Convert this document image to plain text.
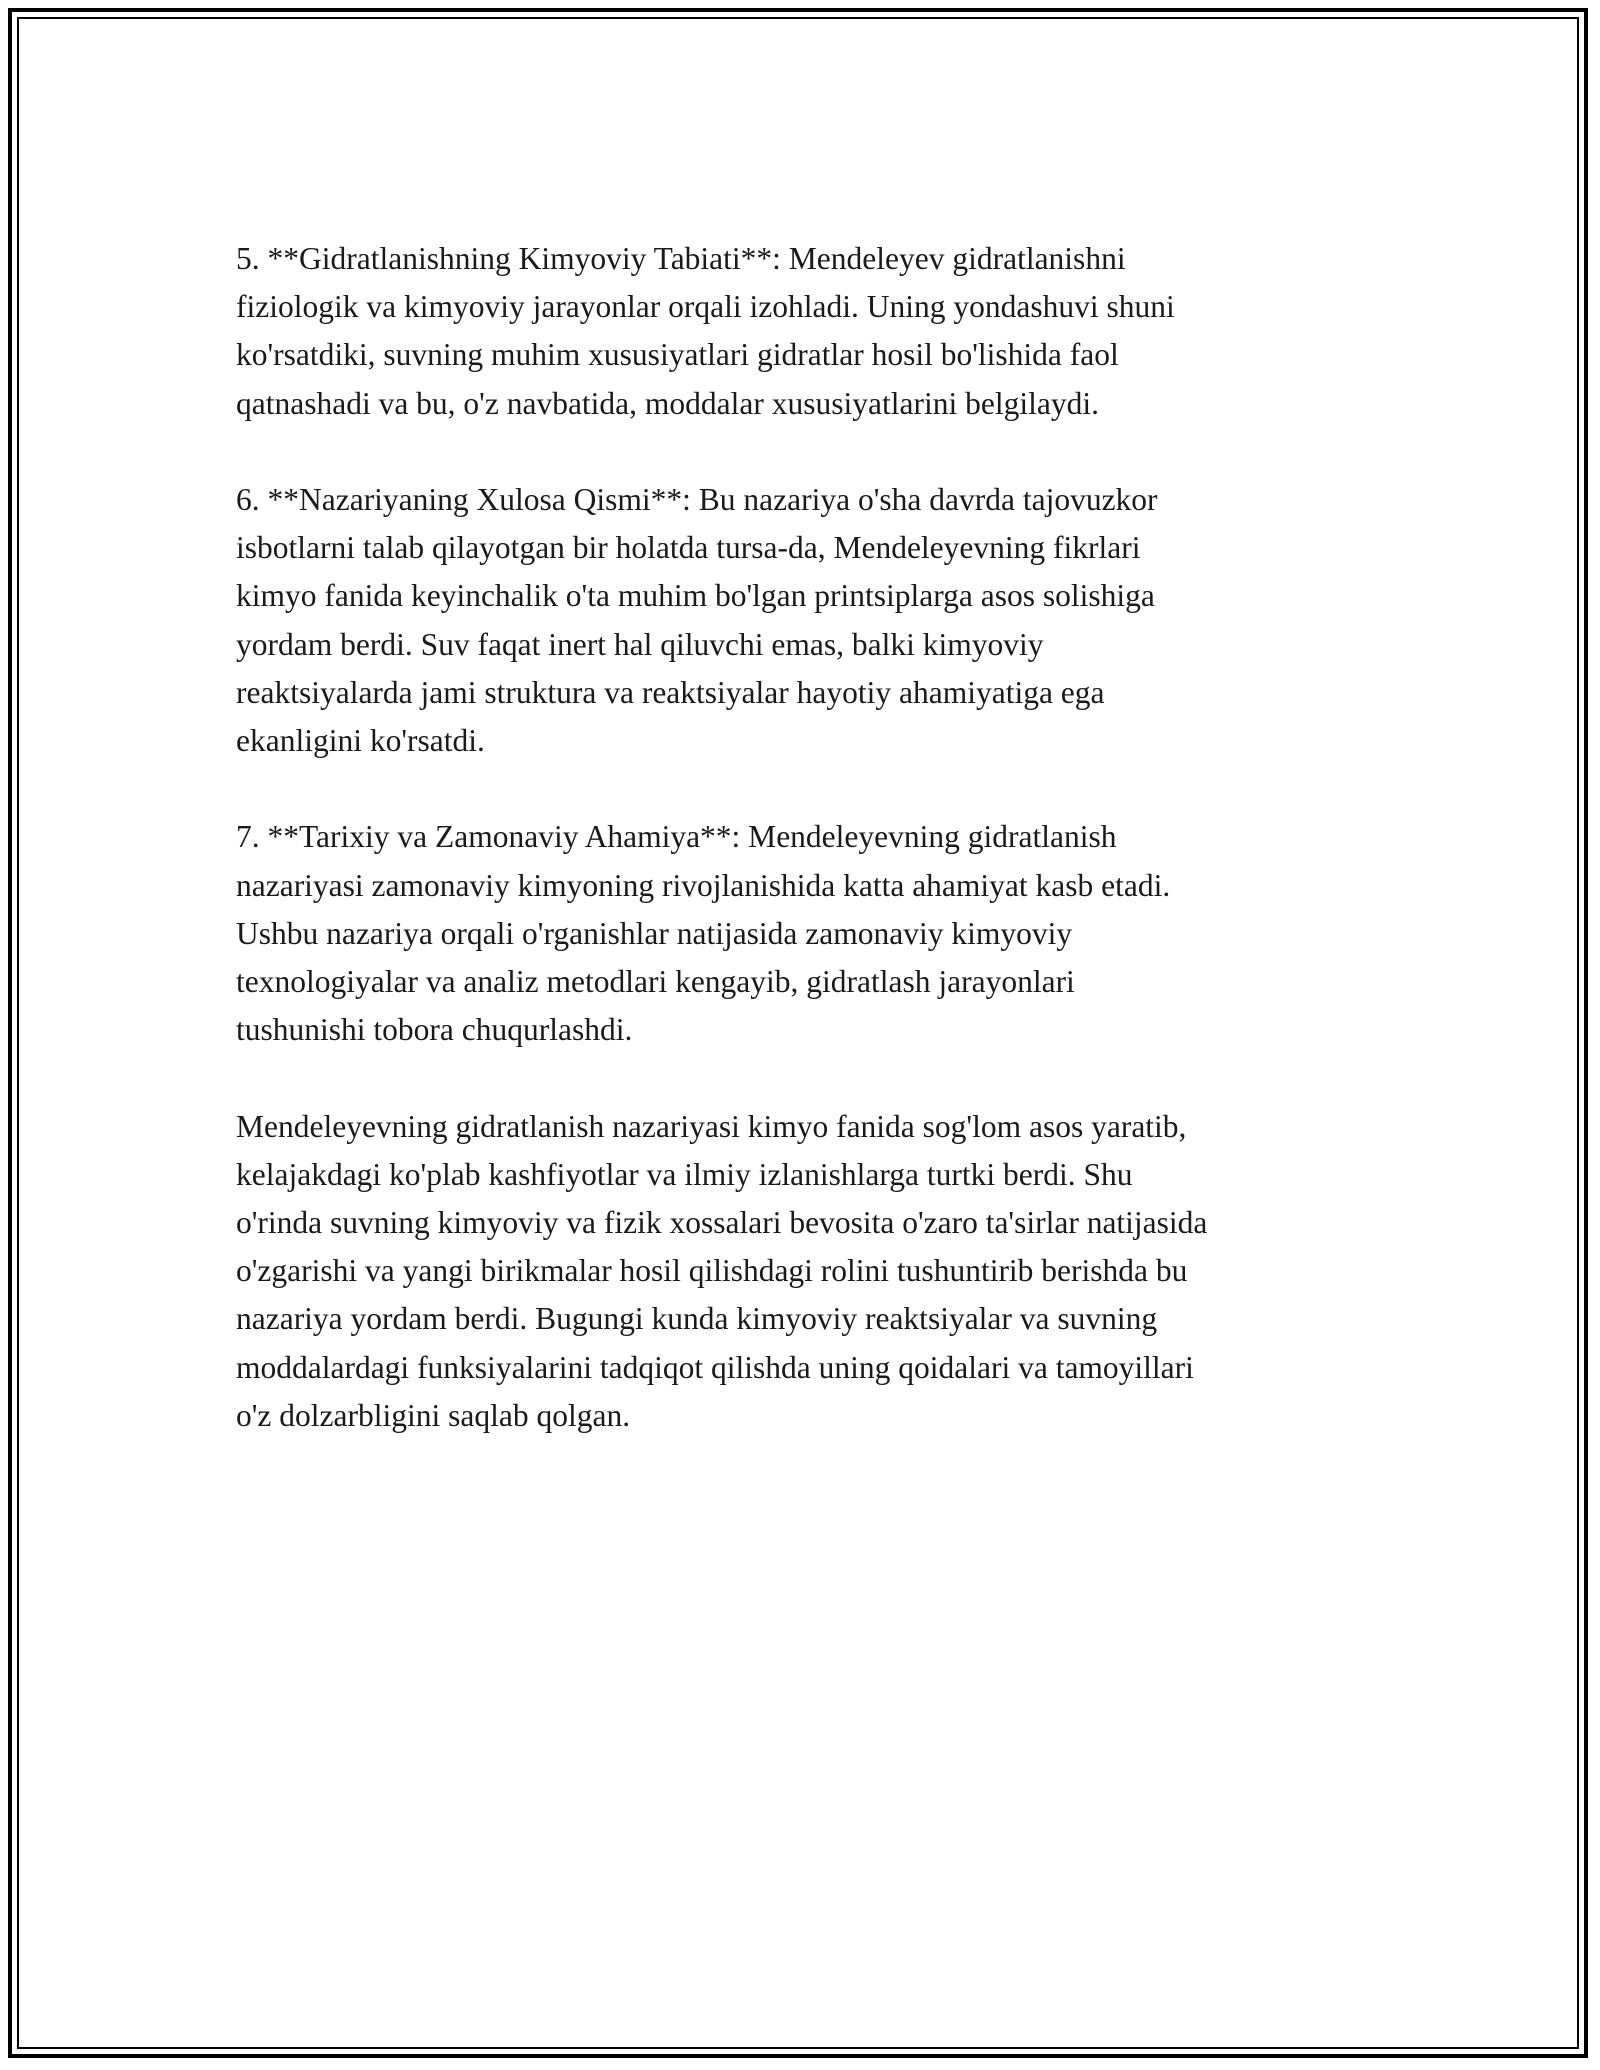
5. **Gidratlanishning Kimyoviy Tabiati**: Mendeleyev gidratlanishni
fiziologik va kimyoviy jarayonlar orqali izohladi. Uning yondashuvi shuni
ko'rsatdiki, suvning muhim xususiyatlari gidratlar hosil bo'lishida faol
qatnashadi va bu, o'z navbatida, moddalar xususiyatlarini belgilaydi.

6. **Nazariyaning Xulosa Qismi**: Bu nazariya o'sha davrda tajovuzkor
isbotlarni talab qilayotgan bir holatda tursa-da, Mendeleyevning fikrlari
kimyo fanida keyinchalik o'ta muhim bo'lgan printsiplarga asos solishiga
yordam berdi. Suv faqat inert hal qiluvchi emas, balki kimyoviy
reaktsiyalarda jami struktura va reaktsiyalar hayotiy ahamiyatiga ega
ekanligini ko'rsatdi.

7. **Tarixiy va Zamonaviy Ahamiya**: Mendeleyevning gidratlanish
nazariyasi zamonaviy kimyoning rivojlanishida katta ahamiyat kasb etadi.
Ushbu nazariya orqali o'rganishlar natijasida zamonaviy kimyoviy
texnologiyalar va analiz metodlari kengayib, gidratlash jarayonlari
tushunishi tobora chuqurlashdi.

Mendeleyevning gidratlanish nazariyasi kimyo fanida sog'lom asos yaratib,
kelajakdagi ko'plab kashfiyotlar va ilmiy izlanishlarga turtki berdi. Shu
o'rinda suvning kimyoviy va fizik xossalari bevosita o'zaro ta'sirlar natijasida
o'zgarishi va yangi birikmalar hosil qilishdagi rolini tushuntirib berishda bu
nazariya yordam berdi. Bugungi kunda kimyoviy reaktsiyalar va suvning
moddalardagi funksiyalarini tadqiqot qilishda uning qoidalari va tamoyillari
o'z dolzarbligini saqlab qolgan.
